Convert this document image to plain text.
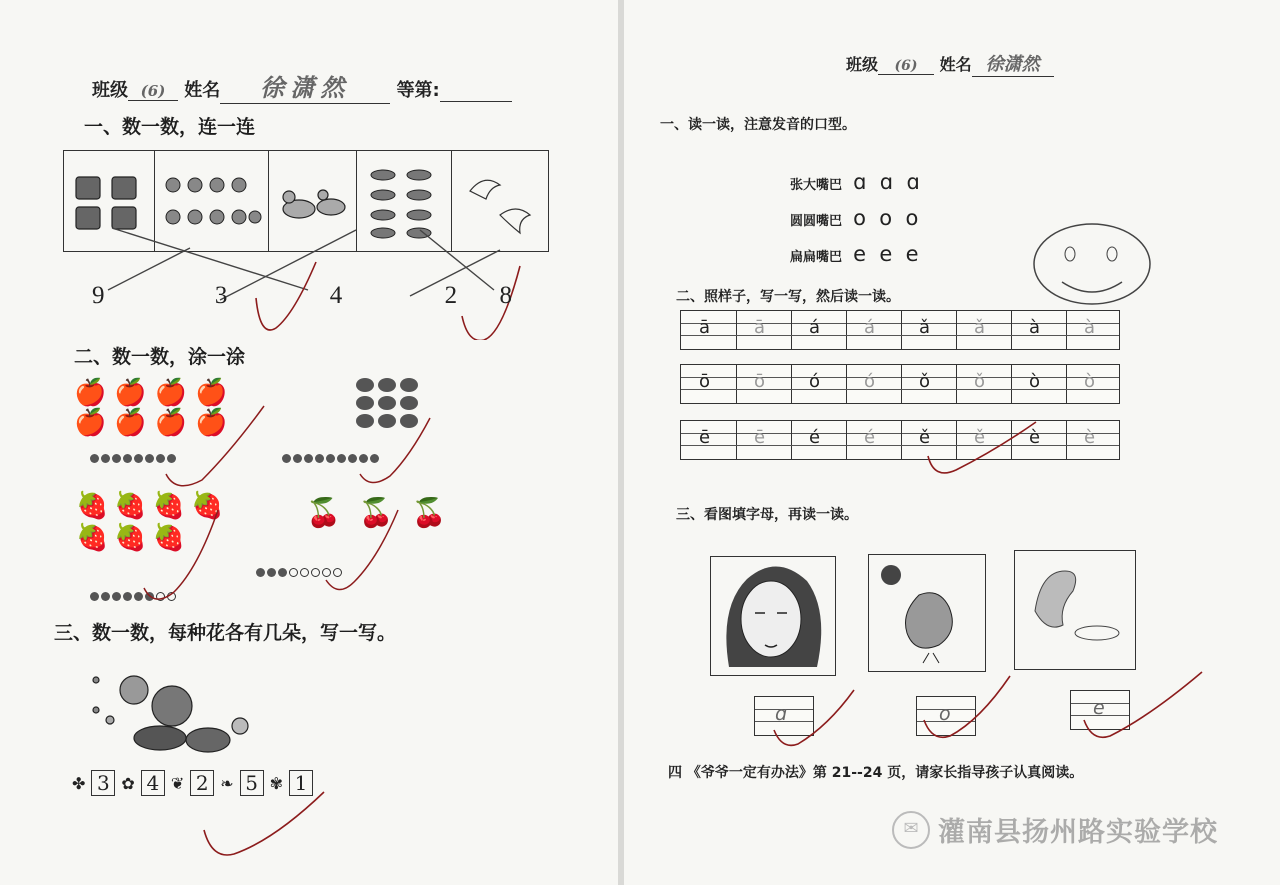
班级 (6) 姓名 徐潇然	等第:
一、数一数，连一连
9	3	4	2 8
二、数一数，涂一涂
🍎🍎🍎🍎
🍎🍎🍎🍎
🍓🍓🍓🍓
🍓🍓🍓
🍒🍒🍒
三、数一数，每种花各有几朵，写一写。
✤ 3 ✿ 4 ❦ 2 ❧ 5 ✾ 1
班级 (6) 姓名 徐潇然
一、读一读，注意发音的口型。
张大嘴巴 ɑ  ɑ  ɑ
圆圆嘴巴 o  o  o
扁扁嘴巴 e  e  e
二、照样子，写一写，然后读一读。
ā ā á á ǎ ǎ à à
ō ō ó ó ǒ ǒ ò ò
ē ē é é ě ě è è
三、看图填字母，再读一读。
ɑ	o	e
四 《爷爷一定有办法》第 21--24 页，请家长指导孩子认真阅读。
✉ 灌南县扬州路实验学校
